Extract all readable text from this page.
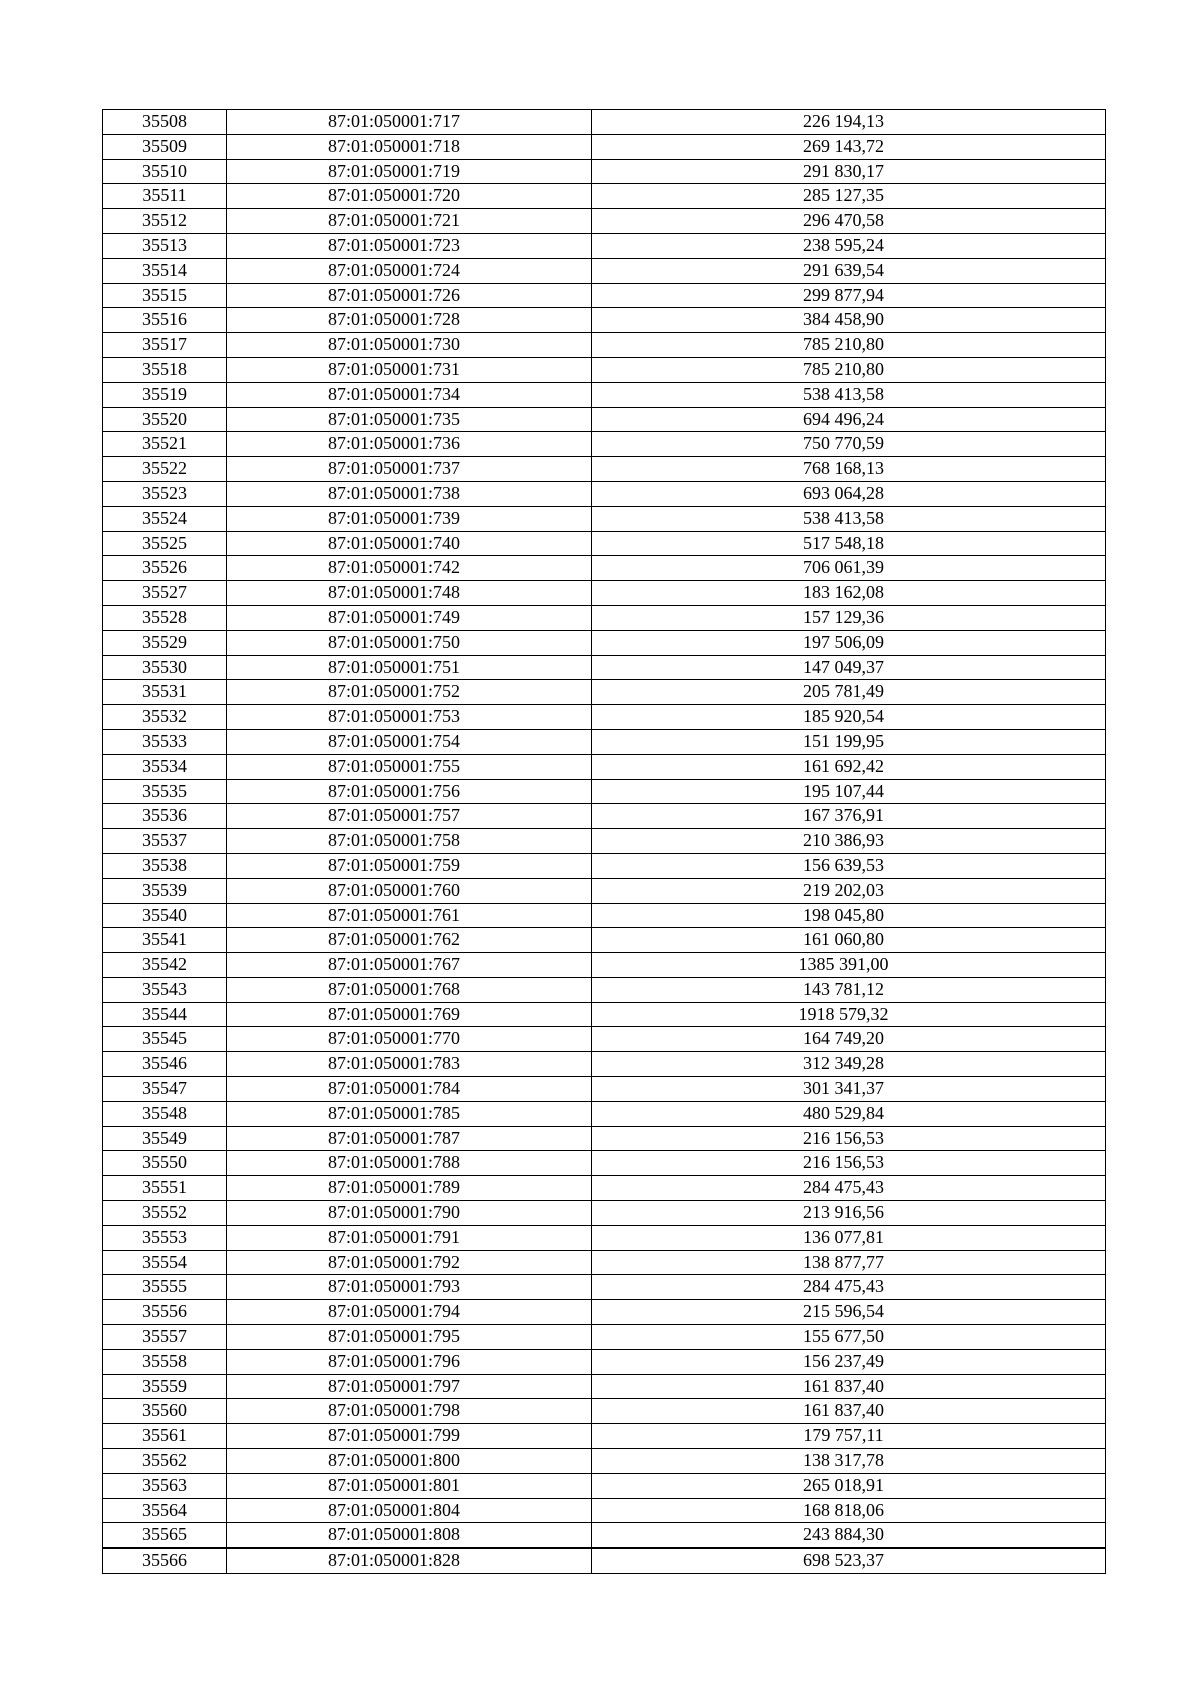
35508	87:01:050001:717	226 194,13
35509	87:01:050001:718	269 143,72
35510	87:01:050001:719	291 830,17
35511	87:01:050001:720	285 127,35
35512	87:01:050001:721	296 470,58
35513	87:01:050001:723	238 595,24
35514	87:01:050001:724	291 639,54
35515	87:01:050001:726	299 877,94
35516	87:01:050001:728	384 458,90
35517	87:01:050001:730	785 210,80
35518	87:01:050001:731	785 210,80
35519	87:01:050001:734	538 413,58
35520	87:01:050001:735	694 496,24
35521	87:01:050001:736	750 770,59
35522	87:01:050001:737	768 168,13
35523	87:01:050001:738	693 064,28
35524	87:01:050001:739	538 413,58
35525	87:01:050001:740	517 548,18
35526	87:01:050001:742	706 061,39
35527	87:01:050001:748	183 162,08
35528	87:01:050001:749	157 129,36
35529	87:01:050001:750	197 506,09
35530	87:01:050001:751	147 049,37
35531	87:01:050001:752	205 781,49
35532	87:01:050001:753	185 920,54
35533	87:01:050001:754	151 199,95
35534	87:01:050001:755	161 692,42
35535	87:01:050001:756	195 107,44
35536	87:01:050001:757	167 376,91
35537	87:01:050001:758	210 386,93
35538	87:01:050001:759	156 639,53
35539	87:01:050001:760	219 202,03
35540	87:01:050001:761	198 045,80
35541	87:01:050001:762	161 060,80
35542	87:01:050001:767	1385 391,00
35543	87:01:050001:768	143 781,12
35544	87:01:050001:769	1918 579,32
35545	87:01:050001:770	164 749,20
35546	87:01:050001:783	312 349,28
35547	87:01:050001:784	301 341,37
35548	87:01:050001:785	480 529,84
35549	87:01:050001:787	216 156,53
35550	87:01:050001:788	216 156,53
35551	87:01:050001:789	284 475,43
35552	87:01:050001:790	213 916,56
35553	87:01:050001:791	136 077,81
35554	87:01:050001:792	138 877,77
35555	87:01:050001:793	284 475,43
35556	87:01:050001:794	215 596,54
35557	87:01:050001:795	155 677,50
35558	87:01:050001:796	156 237,49
35559	87:01:050001:797	161 837,40
35560	87:01:050001:798	161 837,40
35561	87:01:050001:799	179 757,11
35562	87:01:050001:800	138 317,78
35563	87:01:050001:801	265 018,91
35564	87:01:050001:804	168 818,06
35565	87:01:050001:808	243 884,30
35566	87:01:050001:828	698 523,37
